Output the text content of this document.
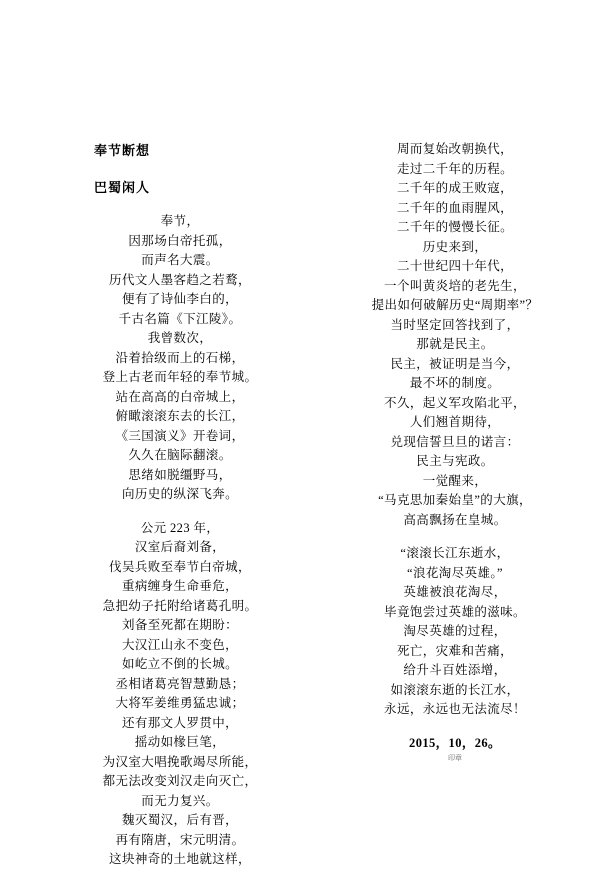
奉节断想
巴蜀闲人
奉节，
因那场白帝托孤，
而声名大震。
历代文人墨客趋之若鹜，
便有了诗仙李白的，
千古名篇《下江陵》。
我曾数次，
沿着拾级而上的石梯，
登上古老而年轻的奉节城。
站在高高的白帝城上，
俯瞰滚滚东去的长江，
《三国演义》开卷词，
久久在脑际翻滚。
思绪如脱缰野马，
向历史的纵深飞奔。
公元 223 年，
汉室后裔刘备，
伐吴兵败至奉节白帝城，
重病缠身生命垂危，
急把幼子托附给诸葛孔明。
刘备至死都在期盼：
大汉江山永不变色，
如屹立不倒的长城。
丞相诸葛亮智慧勤恳；
大将军姜维勇猛忠诚；
还有那文人罗贯中，
摇动如椽巨笔，
为汉室大唱挽歌竭尽所能，
都无法改变刘汉走向灭亡，
而无力复兴。
魏灭蜀汉，后有晋，
再有隋唐，宋元明清。
这块神奇的土地就这样，
周而复始改朝换代，
走过二千年的历程。
二千年的成王败寇，
二千年的血雨腥风，
二千年的慢慢长征。
历史来到，
二十世纪四十年代，
一个叫黄炎培的老先生，
提出如何破解历史“周期率”？
当时坚定回答找到了，
那就是民主。
民主，被证明是当今，
最不坏的制度。
不久，起义军攻陷北平，
人们翘首期待，
兑现信誓旦旦的诺言：
民主与宪政。
一觉醒来，
“马克思加秦始皇”的大旗，
高高飘扬在皇城。
“滚滚长江东逝水，
“浪花淘尽英雄。”
英雄被浪花淘尽，
毕竟饱尝过英雄的滋味。
淘尽英雄的过程，
死亡，灾难和苦痛，
给升斗百姓添增，
如滚滚东逝的长江水，
永远，永远也无法流尽！
2015，10，26。
印章
